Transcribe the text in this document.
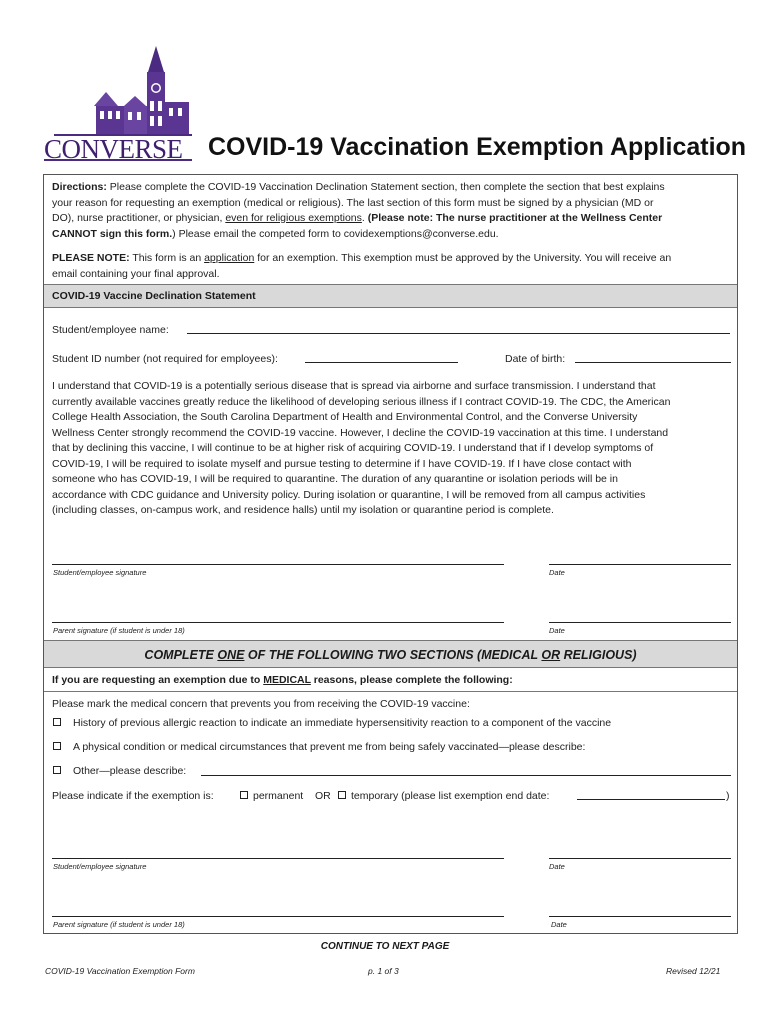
CONVERSE COVID-19 Vaccination Exemption Application
Directions: Please complete the COVID-19 Vaccination Declination Statement section, then complete the section that best explains
your reason for requesting an exemption (medical or religious). The last section of this form must be signed by a physician (MD or
DO), nurse practitioner, or physician, even for religious exemptions. (Please note: The nurse practitioner at the Wellness Center
CANNOT sign this form.) Please email the competed form to covidexemptions@converse.edu.
PLEASE NOTE: This form is an application for an exemption. This exemption must be approved by the University. You will receive an
email containing your final approval.
COVID-19 Vaccine Declination Statement
Student/employee name:
Student ID number (not required for employees):	Date of birth:
I understand that COVID-19 is a potentially serious disease that is spread via airborne and surface transmission. I understand that
currently available vaccines greatly reduce the likelihood of developing serious illness if I contract COVID-19. The CDC, the American
College Health Association, the South Carolina Department of Health and Environmental Control, and the Converse University
Wellness Center strongly recommend the COVID-19 vaccine. However, I decline the COVID-19 vaccination at this time. I understand
that by declining this vaccine, I will continue to be at higher risk of acquiring COVID-19. I understand that if I develop symptoms of
COVID-19, I will be required to isolate myself and pursue testing to determine if I have COVID-19. If I have close contact with
someone who has COVID-19, I will be required to quarantine. The duration of any quarantine or isolation periods will be in
accordance with CDC guidance and University policy. During isolation or quarantine, I will be removed from all campus activities
(including classes, on-campus work, and residence halls) until my isolation or quarantine period is complete.
Student/employee signature	Date
Parent signature (if student is under 18)	Date
COMPLETE ONE OF THE FOLLOWING TWO SECTIONS (MEDICAL OR RELIGIOUS)
If you are requesting an exemption due to MEDICAL reasons, please complete the following:
Please mark the medical concern that prevents you from receiving the COVID-19 vaccine:
History of previous allergic reaction to indicate an immediate hypersensitivity reaction to a component of the vaccine
A physical condition or medical circumstances that prevent me from being safely vaccinated—please describe:
Other—please describe:
Please indicate if the exemption is:	permanent OR temporary (please list exemption end date:	)
Student/employee signature	Date
Parent signature (if student is under 18)	Date
CONTINUE TO NEXT PAGE
COVID-19 Vaccination Exemption Form	p. 1 of 3	Revised 12/21
